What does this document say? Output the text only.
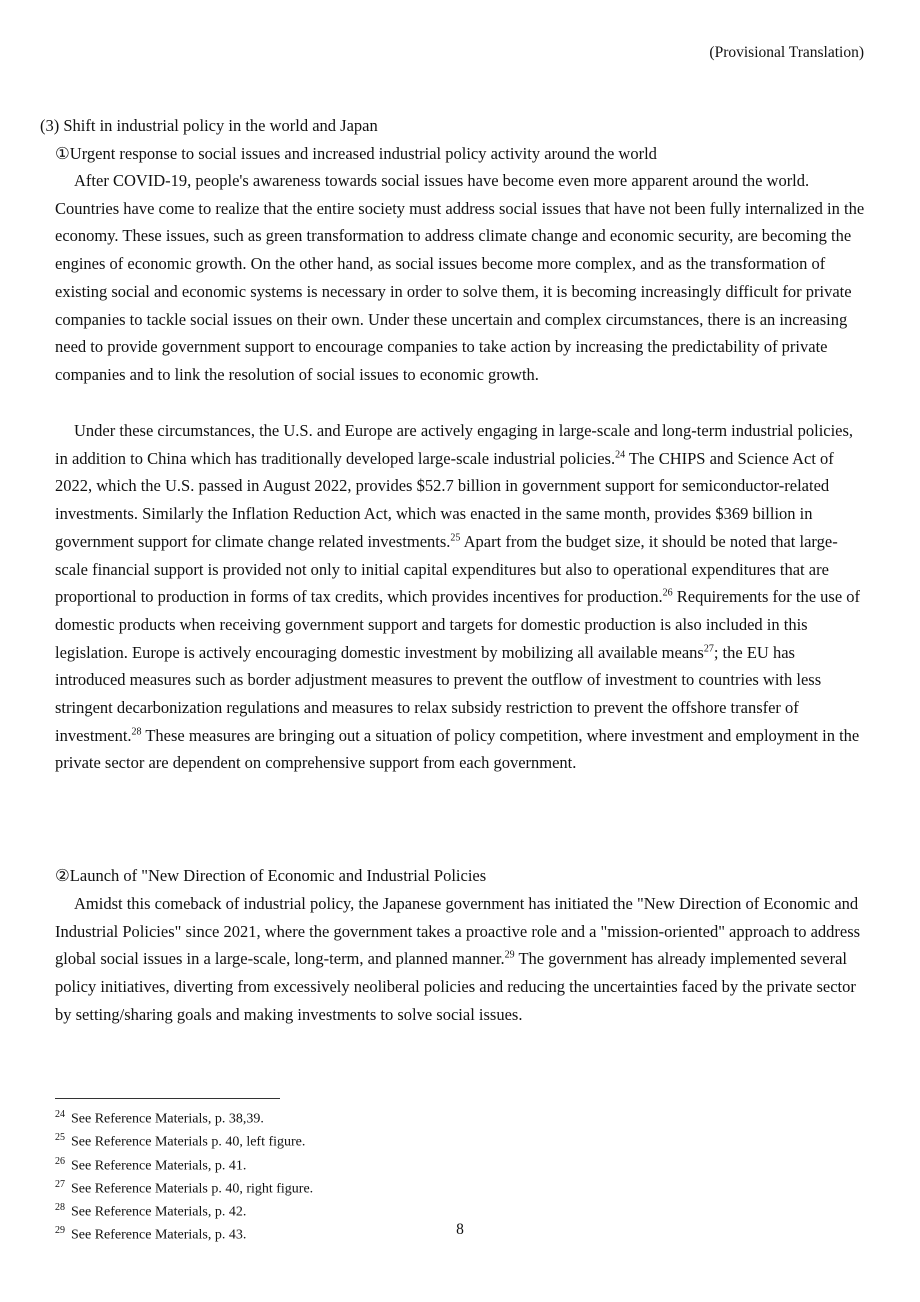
(Provisional Translation)
(3) Shift in industrial policy in the world and Japan
①Urgent response to social issues and increased industrial policy activity around the world

After COVID-19, people's awareness towards social issues have become even more apparent around the world. Countries have come to realize that the entire society must address social issues that have not been fully internalized in the economy. These issues, such as green transformation to address climate change and economic security, are becoming the engines of economic growth. On the other hand, as social issues become more complex, and as the transformation of existing social and economic systems is necessary in order to solve them, it is becoming increasingly difficult for private companies to tackle social issues on their own. Under these uncertain and complex circumstances, there is an increasing need to provide government support to encourage companies to take action by increasing the predictability of private companies and to link the resolution of social issues to economic growth.

Under these circumstances, the U.S. and Europe are actively engaging in large-scale and long-term industrial policies, in addition to China which has traditionally developed large-scale industrial policies.$^{24}$ The CHIPS and Science Act of 2022, which the U.S. passed in August 2022, provides $52.7 billion in government support for semiconductor-related investments. Similarly the Inflation Reduction Act, which was enacted in the same month, provides $369 billion in government support for climate change related investments.$^{25}$ Apart from the budget size, it should be noted that large-scale financial support is provided not only to initial capital expenditures but also to operational expenditures that are proportional to production in forms of tax credits, which provides incentives for production.$^{26}$ Requirements for the use of domestic products when receiving government support and targets for domestic production is also included in this legislation. Europe is actively encouraging domestic investment by mobilizing all available means$^{27}$; the EU has introduced measures such as border adjustment measures to prevent the outflow of investment to countries with less stringent decarbonization regulations and measures to relax subsidy restriction to prevent the offshore transfer of investment.$^{28}$ These measures are bringing out a situation of policy competition, where investment and employment in the private sector are dependent on comprehensive support from each government.

②Launch of "New Direction of Economic and Industrial Policies

Amidst this comeback of industrial policy, the Japanese government has initiated the "New Direction of Economic and Industrial Policies" since 2021, where the government takes a proactive role and a "mission-oriented" approach to address global social issues in a large-scale, long-term, and planned manner.$^{29}$ The government has already implemented several policy initiatives, diverting from excessively neoliberal policies and reducing the uncertainties faced by the private sector by setting/sharing goals and making investments to solve social issues.

$^{24}$ See Reference Materials, p. 38,39.
$^{25}$ See Reference Materials p. 40, left figure.
$^{26}$ See Reference Materials, p. 41.
$^{27}$ See Reference Materials p. 40, right figure.
$^{28}$ See Reference Materials, p. 42.
$^{29}$ See Reference Materials, p. 43.	8
